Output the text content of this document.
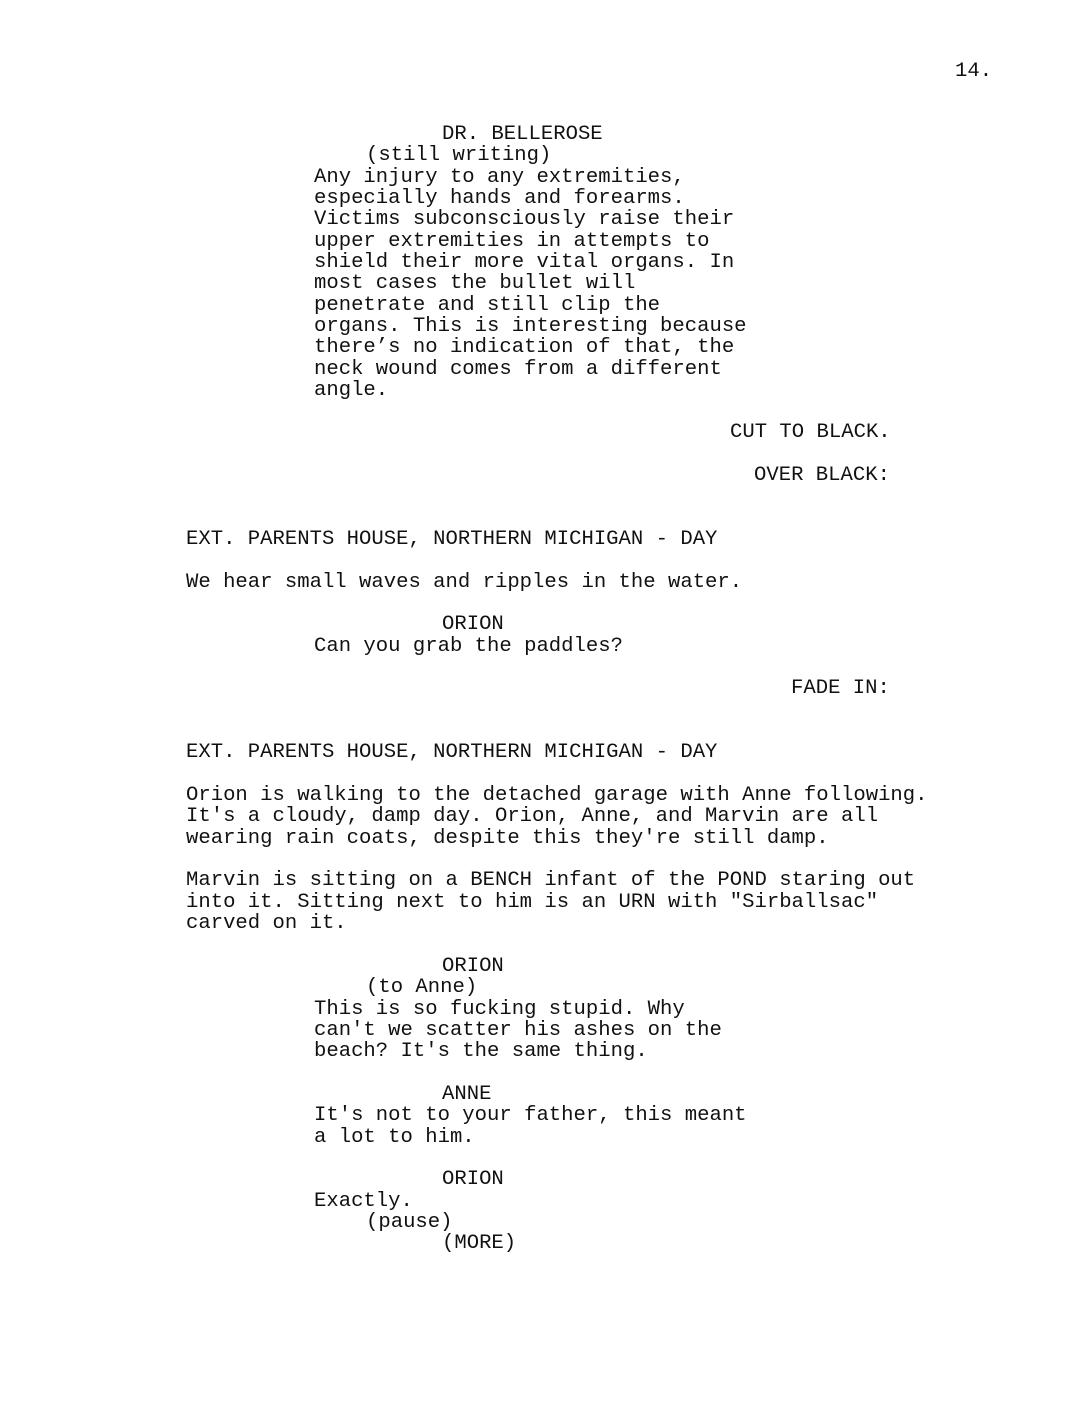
14.
DR. BELLEROSE
(still writing)
Any injury to any extremities,
especially hands and forearms.
Victims subconsciously raise their
upper extremities in attempts to
shield their more vital organs. In
most cases the bullet will
penetrate and still clip the
organs. This is interesting because
there’s no indication of that, the
neck wound comes from a different
angle.
CUT TO BLACK.
OVER BLACK:
EXT. PARENTS HOUSE, NORTHERN MICHIGAN - DAY
We hear small waves and ripples in the water.
ORION
Can you grab the paddles?
FADE IN:
EXT. PARENTS HOUSE, NORTHERN MICHIGAN - DAY
Orion is walking to the detached garage with Anne following.
It's a cloudy, damp day. Orion, Anne, and Marvin are all
wearing rain coats, despite this they're still damp.
Marvin is sitting on a BENCH infant of the POND staring out
into it. Sitting next to him is an URN with "Sirballsac"
carved on it.
ORION
(to Anne)
This is so fucking stupid. Why
can't we scatter his ashes on the
beach? It's the same thing.
ANNE
It's not to your father, this meant
a lot to him.
ORION
Exactly.
(pause)
(MORE)
